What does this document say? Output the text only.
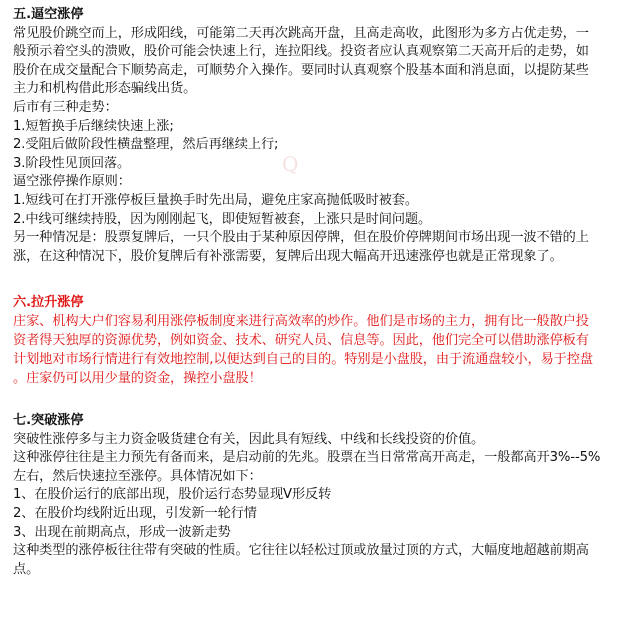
Q
五.逼空涨停
常见股价跳空而上，形成阳线，可能第二天再次跳高开盘，且高走高收，此图形为多方占优走势，一
般预示着空头的溃败，股价可能会快速上行，连拉阳线。投资者应认真观察第二天高开后的走势，如
股价在成交量配合下顺势高走，可顺势介入操作。要同时认真观察个股基本面和消息面，以提防某些
主力和机构借此形态骗线出货。
后市有三种走势：
1.短暂换手后继续快速上涨;
2.受阻后做阶段性横盘整理，然后再继续上行;
3.阶段性见顶回落。
逼空涨停操作原则：
1.短线可在打开涨停板巨量换手时先出局，避免庄家高抛低吸时被套。
2.中线可继续持股，因为刚刚起飞，即使短暂被套，上涨只是时间问题。
另一种情况是：股票复牌后，一只个股由于某种原因停牌，但在股价停牌期间市场出现一波不错的上
涨，在这种情况下，股价复牌后有补涨需要，复牌后出现大幅高开迅速涨停也就是正常现象了。
六.拉升涨停
庄家、机构大户们容易利用涨停板制度来进行高效率的炒作。他们是市场的主力，拥有比一般散户投
资者得天独厚的资源优势，例如资金、技术、研究人员、信息等。因此，他们完全可以借助涨停板有
计划地对市场行情进行有效地控制,以便达到自己的目的。特别是小盘股，由于流通盘较小，易于控盘
。庄家仍可以用少量的资金，操控小盘股！
七.突破涨停
突破性涨停多与主力资金吸货建仓有关，因此具有短线、中线和长线投资的价值。
这种涨停往往是主力预先有备而来，是启动前的先兆。股票在当日常常高开高走，一般都高开3%--5%
左右，然后快速拉至涨停。具体情况如下：
1、在股价运行的底部出现，股价运行态势显现V形反转
2、在股价均线附近出现，引发新一轮行情
3、出现在前期高点，形成一波新走势
这种类型的涨停板往往带有突破的性质。它往往以轻松过顶或放量过顶的方式，大幅度地超越前期高
点。
